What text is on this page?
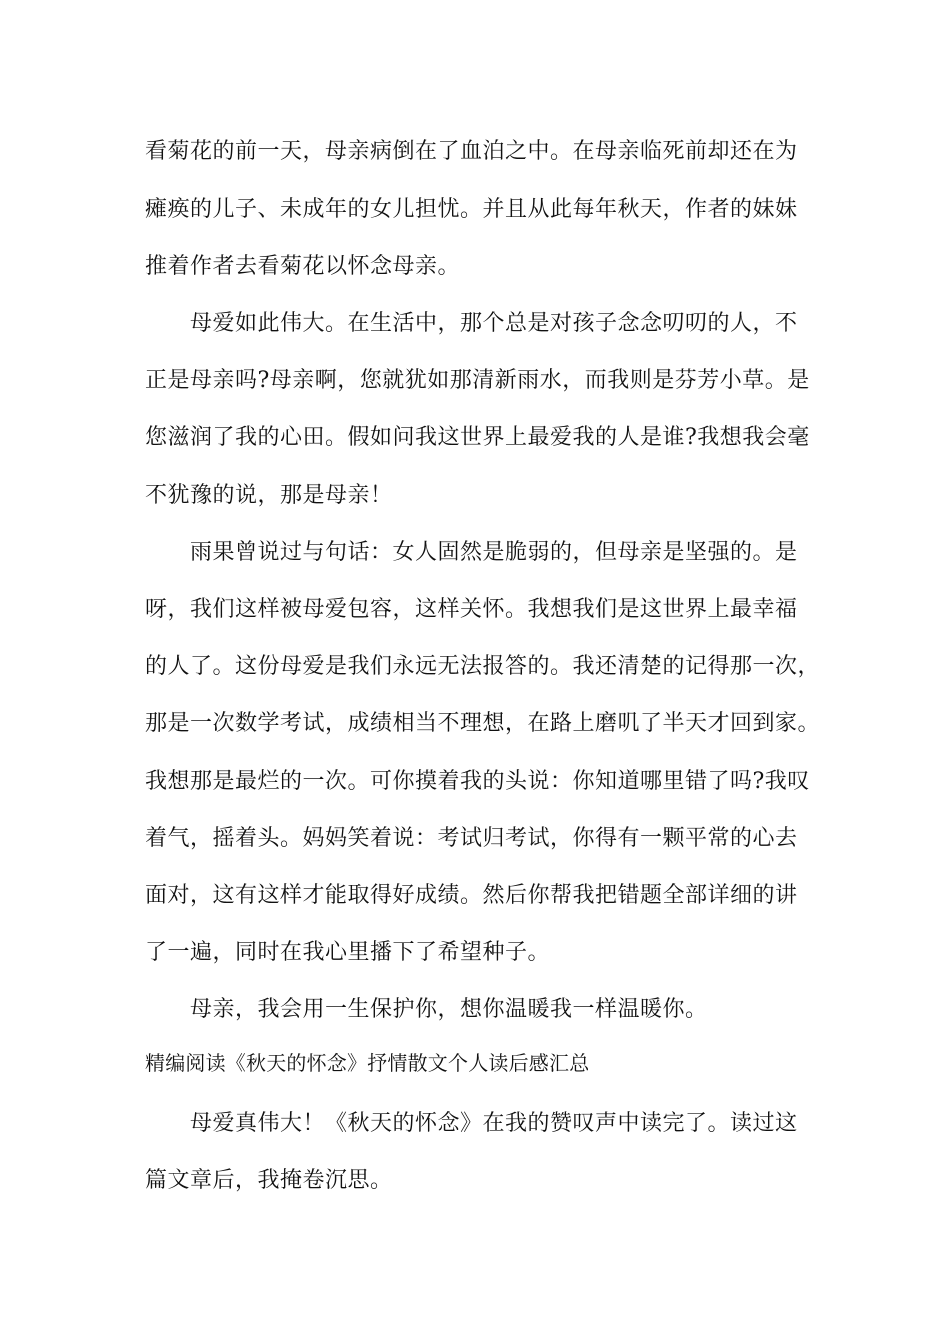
看菊花的前一天，母亲病倒在了血泊之中。在母亲临死前却还在为
瘫痪的儿子、未成年的女儿担忧。并且从此每年秋天，作者的妹妹
推着作者去看菊花以怀念母亲。
母爱如此伟大。在生活中，那个总是对孩子念念叨叨的人，不
正是母亲吗?母亲啊，您就犹如那清新雨水，而我则是芬芳小草。是
您滋润了我的心田。假如问我这世界上最爱我的人是谁?我想我会毫
不犹豫的说，那是母亲！
雨果曾说过与句话：女人固然是脆弱的，但母亲是坚强的。是
呀，我们这样被母爱包容，这样关怀。我想我们是这世界上最幸福
的人了。这份母爱是我们永远无法报答的。我还清楚的记得那一次，
那是一次数学考试，成绩相当不理想，在路上磨叽了半天才回到家。
我想那是最烂的一次。可你摸着我的头说：你知道哪里错了吗?我叹
着气，摇着头。妈妈笑着说：考试归考试，你得有一颗平常的心去
面对，这有这样才能取得好成绩。然后你帮我把错题全部详细的讲
了一遍，同时在我心里播下了希望种子。
母亲，我会用一生保护你，想你温暖我一样温暖你。
精编阅读《秋天的怀念》抒情散文个人读后感汇总
母爱真伟大！《秋天的怀念》在我的赞叹声中读完了。读过这
篇文章后，我掩卷沉思。
